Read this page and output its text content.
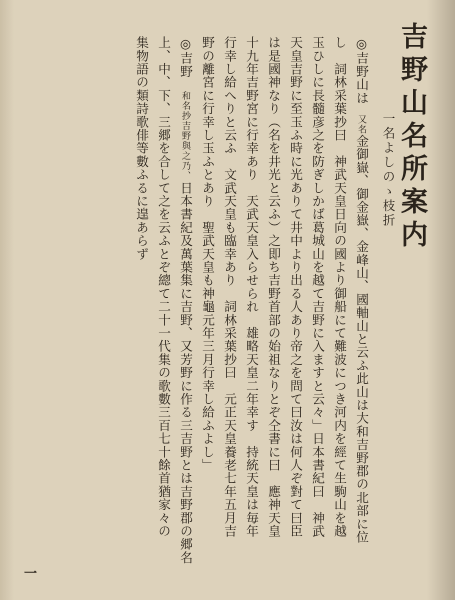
吉野山名所案内
一名よしのゝ枝折
◎吉野山は　又名金御嶽、御金嶽、金峰山、國軸山と云ふ此山は大和吉野郡の北部に位
し　詞林采葉抄曰　神武天皇日向の國より御船にて難波につき河内を經て生駒山を越
玉ひしに長髓彦之を防ぎしかば葛城山を越て吉野に入ますと云々」日本書紀曰　神武
天皇吉野に至玉ふ時に光ありて井中より出る人あり帝之を問て曰汝は何人ぞ對て曰臣
は是國神なり（名を井光と云ふ）之即ち吉野首部の始祖なりとぞ仝書に曰　應神天皇
十九年吉野宮に行幸あり　天武天皇入らせられ　雄略天皇二年幸す　持統天皇は毎年
行幸し給へりと云ふ　文武天皇も臨幸あり　詞林采葉抄曰　元正天皇養老七年五月吉
野の離宮に行幸し玉ふとあり　聖武天皇も神龜元年三月行幸し給ふよし」
◎吉野　和名抄吉野與之乃、日本書紀及萬葉集に吉野、又芳野に作る三吉野とは吉野郡の郷名
上、中、下、三郷を合して之を云ふとぞ總て二十一代集の歌數三百七十餘首猶家々の
集物語の類詩歌俳等數ふるに遑あらず
一
